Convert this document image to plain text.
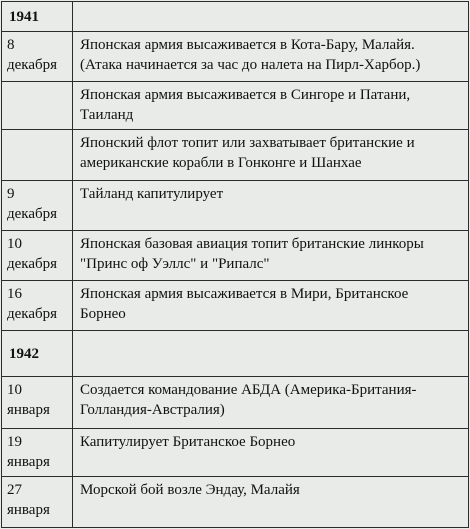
1941	

8
декабря	Японская армия высаживается в Кота-Бару, Малайя.
(Атака начинается за час до налета на Пирл-Харбор.)

	Японская армия высаживается в Сингоре и Патани,
Таиланд

	Японский флот топит или захватывает британские и
американские корабли в Гонконге и Шанхае

9
декабря	Тайланд капитулирует

10
декабря	Японская базовая авиация топит британские линкоры
"Принс оф Уэллс" и "Рипалс"

16
декабря	Японская армия высаживается в Мири, Британское
Борнео

1942	

10
января	Создается командование АБДА (Америка-Британия-
Голландия-Австралия)

19
января	Капитулирует Британское Борнео

27
января	Морской бой возле Эндау, Малайя
